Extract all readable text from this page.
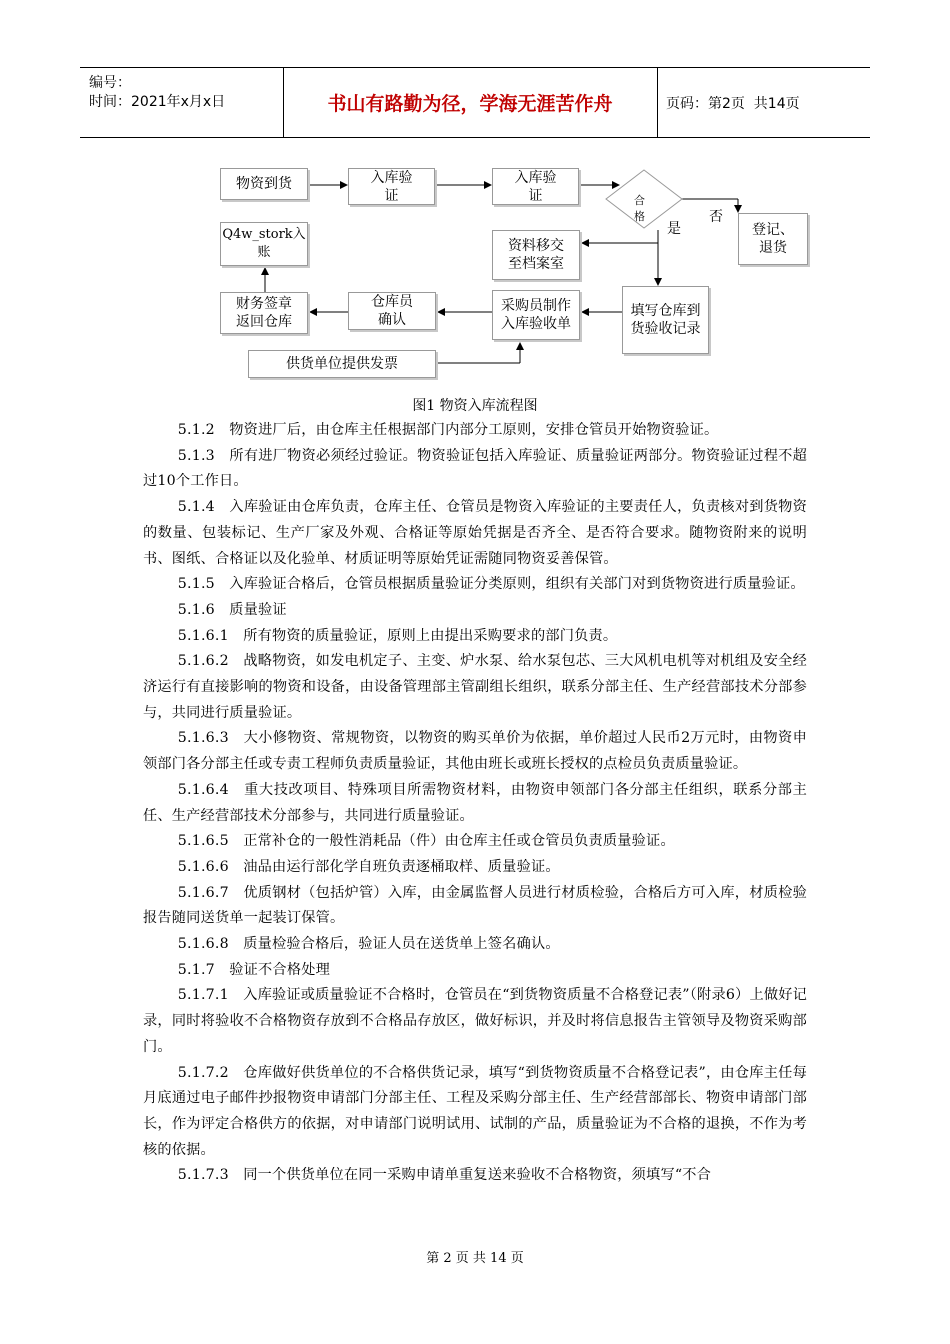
编号：
时间：2021年x月x日	书山有路勤为径，学海无涯苦作舟	页码：第2页  共14页
物资到货	入库验
证
入库验
证	合格	否
是	登记、
退货
资料移交
至档案室
填写仓库到
货验收记录
采购员制作
入库验收单
仓库员
确认
财务签章
返回仓库
Q4w_stork入
账
供货单位提供发票
图1 物资入库流程图

5.1.2　物资进厂后，由仓库主任根据部门内部分工原则，安排仓管员开始物资验证。

5.1.3　所有进厂物资必须经过验证。物资验证包括入库验证、质量验证两部分。物资验证过程不超过10个工作日。

5.1.4　入库验证由仓库负责，仓库主任、仓管员是物资入库验证的主要责任人，负责核对到货物资的数量、包装标记、生产厂家及外观、合格证等原始凭据是否齐全、是否符合要求。随物资附来的说明书、图纸、合格证以及化验单、材质证明等原始凭证需随同物资妥善保管。

5.1.5　入库验证合格后，仓管员根据质量验证分类原则，组织有关部门对到货物资进行质量验证。

5.1.6　质量验证

5.1.6.1　所有物资的质量验证，原则上由提出采购要求的部门负责。

5.1.6.2　战略物资，如发电机定子、主变、炉水泵、给水泵包芯、三大风机电机等对机组及安全经济运行有直接影响的物资和设备，由设备管理部主管副组长组织，联系分部主任、生产经营部技术分部参与，共同进行质量验证。

5.1.6.3　大小修物资、常规物资，以物资的购买单价为依据，单价超过人民币2万元时，由物资申领部门各分部主任或专责工程师负责质量验证，其他由班长或班长授权的点检员负责质量验证。

5.1.6.4　重大技改项目、特殊项目所需物资材料，由物资申领部门各分部主任组织，联系分部主任、生产经营部技术分部参与，共同进行质量验证。

5.1.6.5　正常补仓的一般性消耗品（件）由仓库主任或仓管员负责质量验证。

5.1.6.6　油品由运行部化学自班负责逐桶取样、质量验证。

5.1.6.7　优质钢材（包括炉管）入库，由金属监督人员进行材质检验，合格后方可入库，材质检验报告随同送货单一起装订保管。

5.1.6.8　质量检验合格后，验证人员在送货单上签名确认。

5.1.7　验证不合格处理

5.1.7.1　入库验证或质量验证不合格时，仓管员在“到货物资质量不合格登记表”（附录6）上做好记录，同时将验收不合格物资存放到不合格品存放区，做好标识，并及时将信息报告主管领导及物资采购部门。

5.1.7.2　仓库做好供货单位的不合格供货记录，填写“到货物资质量不合格登记表”，由仓库主任每月底通过电子邮件抄报物资申请部门分部主任、工程及采购分部主任、生产经营部部长、物资申请部门部长，作为评定合格供方的依据，对申请部门说明试用、试制的产品，质量验证为不合格的退换，不作为考核的依据。

5.1.7.3　同一个供货单位在同一采购申请单重复送来验收不合格物资，须填写“不合

第 2 页 共 14 页
